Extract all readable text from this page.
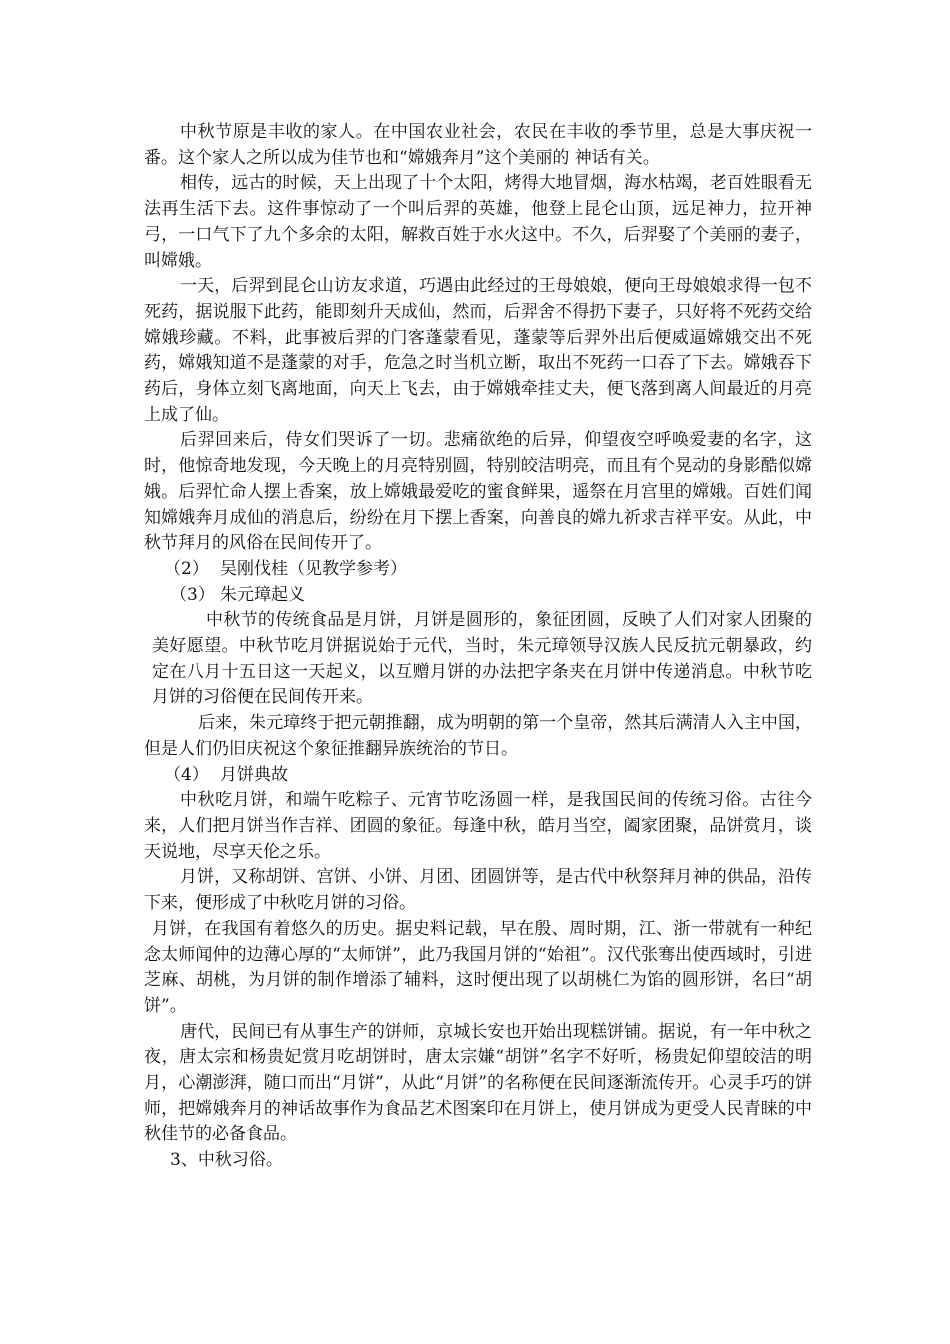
中秋节原是丰收的家人。在中国农业社会，农民在丰收的季节里，总是大事庆祝一番。这个家人之所以成为佳节也和“嫦娥奔月”这个美丽的 神话有关。

相传，远古的时候，天上出现了十个太阳，烤得大地冒烟，海水枯竭，老百姓眼看无法再生活下去。这件事惊动了一个叫后羿的英雄，他登上昆仑山顶，远足神力，拉开神弓，一口气下了九个多余的太阳，解救百姓于水火这中。不久，后羿娶了个美丽的妻子，叫嫦娥。

一天，后羿到昆仑山访友求道，巧遇由此经过的王母娘娘，便向王母娘娘求得一包不死药，据说服下此药，能即刻升天成仙，然而，后羿舍不得扔下妻子，只好将不死药交给嫦娥珍藏。不料，此事被后羿的门客蓬蒙看见，蓬蒙等后羿外出后便威逼嫦娥交出不死药，嫦娥知道不是蓬蒙的对手，危急之时当机立断，取出不死药一口吞了下去。嫦娥吞下药后，身体立刻飞离地面，向天上飞去，由于嫦娥牵挂丈夫，便飞落到离人间最近的月亮上成了仙。

后羿回来后，侍女们哭诉了一切。悲痛欲绝的后异，仰望夜空呼唤爱妻的名字，这时，他惊奇地发现，今天晚上的月亮特别圆，特别皎洁明亮，而且有个晃动的身影酷似嫦娥。后羿忙命人摆上香案，放上嫦娥最爱吃的蜜食鲜果，遥祭在月宫里的嫦娥。百姓们闻知嫦娥奔月成仙的消息后，纷纷在月下摆上香案，向善良的嫦九祈求吉祥平安。从此，中秋节拜月的风俗在民间传开了。

（2） 吴刚伐桂（见教学参考）
（3） 朱元璋起义

中秋节的传统食品是月饼，月饼是圆形的，象征团圆，反映了人们对家人团聚的美好愿望。中秋节吃月饼据说始于元代，当时，朱元璋领导汉族人民反抗元朝暴政，约定在八月十五日这一天起义，以互赠月饼的办法把字条夹在月饼中传递消息。中秋节吃月饼的习俗便在民间传开来。

后来，朱元璋终于把元朝推翻，成为明朝的第一个皇帝，然其后满清人入主中国，但是人们仍旧庆祝这个象征推翻异族统治的节日。

（4） 月饼典故

中秋吃月饼，和端午吃粽子、元宵节吃汤圆一样，是我国民间的传统习俗。古往今来，人们把月饼当作吉祥、团圆的象征。每逢中秋，皓月当空，阖家团聚，品饼赏月，谈天说地，尽享天伦之乐。

月饼，又称胡饼、宫饼、小饼、月团、团圆饼等，是古代中秋祭拜月神的供品，沿传下来，便形成了中秋吃月饼的习俗。

月饼，在我国有着悠久的历史。据史料记载，早在殷、周时期，江、浙一带就有一种纪念太师闻仲的边薄心厚的“太师饼”，此乃我国月饼的“始祖”。汉代张骞出使西域时，引进芝麻、胡桃，为月饼的制作增添了辅料，这时便出现了以胡桃仁为馅的圆形饼，名曰“胡饼”。

唐代，民间已有从事生产的饼师，京城长安也开始出现糕饼铺。据说，有一年中秋之夜，唐太宗和杨贵妃赏月吃胡饼时，唐太宗嫌“胡饼”名字不好听，杨贵妃仰望皎洁的明月，心潮澎湃，随口而出“月饼”，从此“月饼”的名称便在民间逐渐流传开。心灵手巧的饼师，把嫦娥奔月的神话故事作为食品艺术图案印在月饼上，使月饼成为更受人民青睐的中秋佳节的必备食品。

3、中秋习俗。
